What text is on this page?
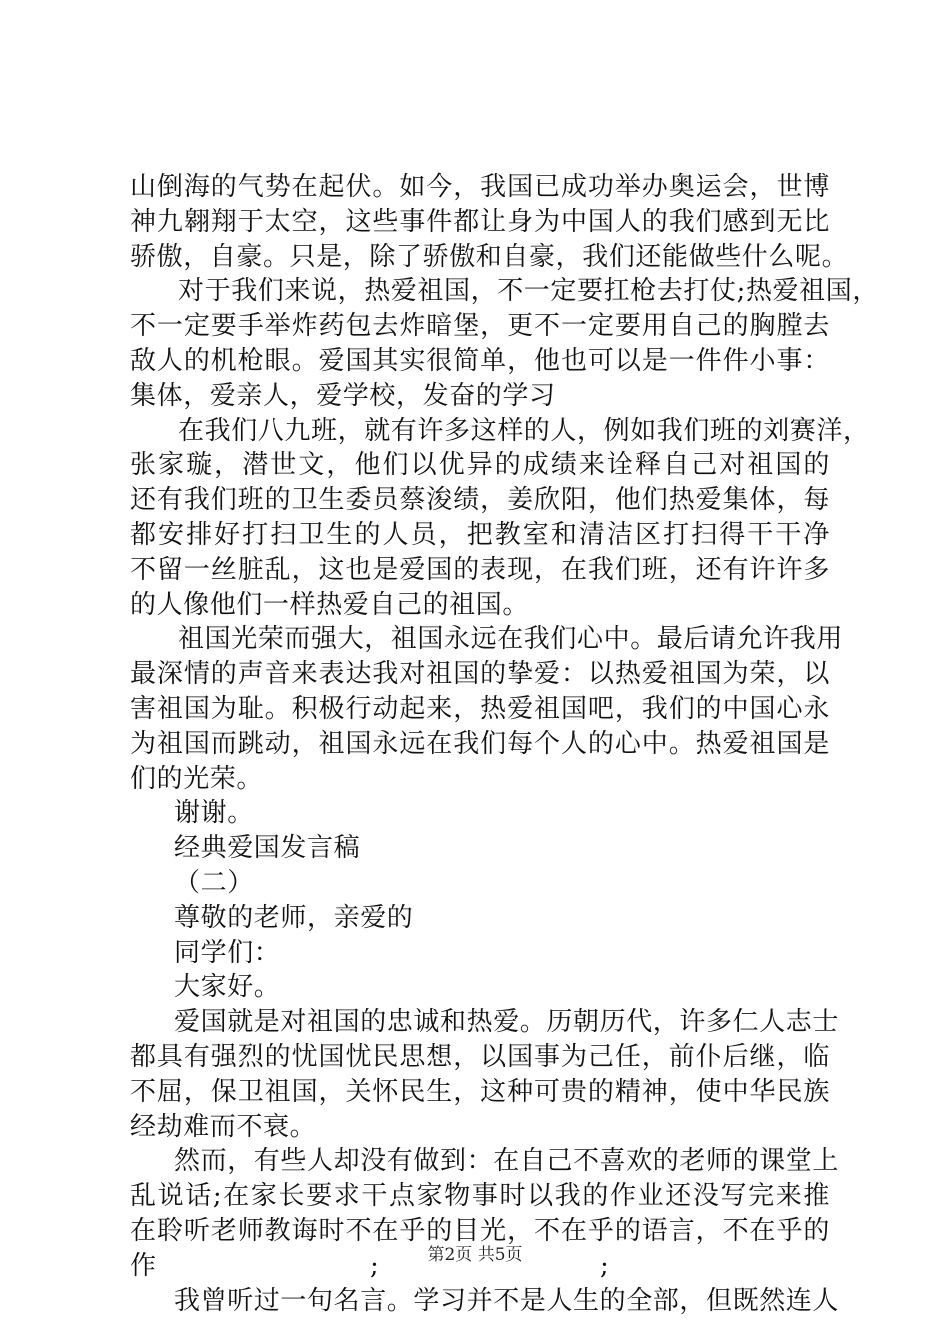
山倒海的气势在起伏。如今，我国已成功举办奥运会，世博
神九翱翔于太空，这些事件都让身为中国人的我们感到无比
骄傲，自豪。只是，除了骄傲和自豪，我们还能做些什么呢。
对于我们来说，热爱祖国，不一定要扛枪去打仗;热爱祖国，
不一定要手举炸药包去炸暗堡，更不一定要用自己的胸膛去
敌人的机枪眼。爱国其实很简单，他也可以是一件件小事：
集体，爱亲人，爱学校，发奋的学习
在我们八九班，就有许多这样的人，例如我们班的刘赛洋，
张家璇，潜世文，他们以优异的成绩来诠释自己对祖国的
还有我们班的卫生委员蔡浚绩，姜欣阳，他们热爱集体，每
都安排好打扫卫生的人员，把教室和清洁区打扫得干干净
不留一丝脏乱，这也是爱国的表现，在我们班，还有许许多
的人像他们一样热爱自己的祖国。
祖国光荣而强大，祖国永远在我们心中。最后请允许我用
最深情的声音来表达我对祖国的挚爱：以热爱祖国为荣，以
害祖国为耻。积极行动起来，热爱祖国吧，我们的中国心永
为祖国而跳动，祖国永远在我们每个人的心中。热爱祖国是
们的光荣。
谢谢。
经典爱国发言稿
（二）
尊敬的老师，亲爱的
同学们：
大家好。
爱国就是对祖国的忠诚和热爱。历朝历代，许多仁人志士
都具有强烈的忧国忧民思想，以国事为己任，前仆后继，临
不屈，保卫祖国，关怀民生，这种可贵的精神，使中华民族
经劫难而不衰。
然而，有些人却没有做到：在自己不喜欢的老师的课堂上
乱说话;在家长要求干点家物事时以我的作业还没写完来推
在聆听老师教诲时不在乎的目光，不在乎的语言，不在乎的
作	;	;
我曾听过一句名言。学习并不是人生的全部，但既然连人
第2页 共5页
